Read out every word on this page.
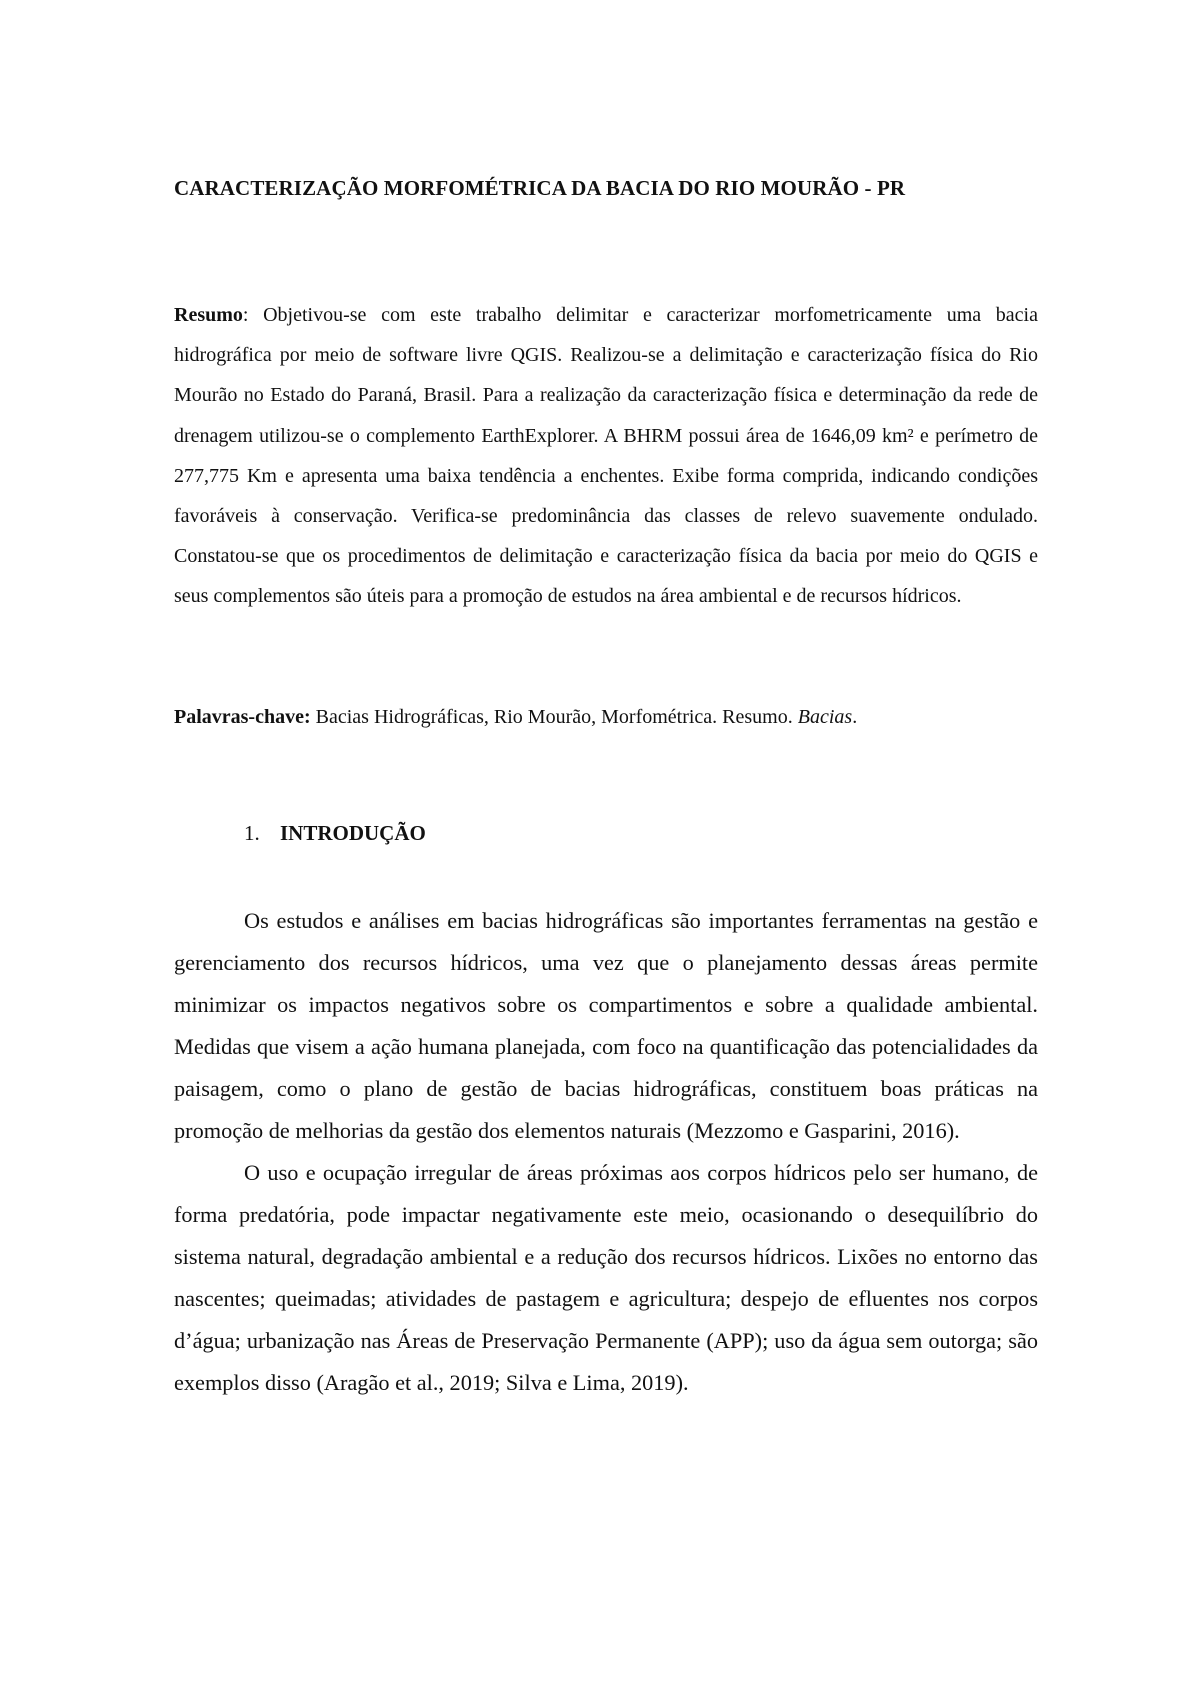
CARACTERIZAÇÃO MORFOMÉTRICA DA BACIA DO RIO MOURÃO - PR

Resumo: Objetivou-se com este trabalho delimitar e caracterizar morfometricamente uma bacia hidrográfica por meio de software livre QGIS. Realizou-se a delimitação e caracterização física do Rio Mourão no Estado do Paraná, Brasil. Para a realização da caracterização física e determinação da rede de drenagem utilizou-se o complemento EarthExplorer. A BHRM possui área de 1646,09 km² e perímetro de 277,775 Km e apresenta uma baixa tendência a enchentes. Exibe forma comprida, indicando condições favoráveis à conservação. Verifica-se predominância das classes de relevo suavemente ondulado. Constatou-se que os procedimentos de delimitação e caracterização física da bacia por meio do QGIS e seus complementos são úteis para a promoção de estudos na área ambiental e de recursos hídricos.

Palavras-chave: Bacias Hidrográficas, Rio Mourão, Morfométrica. Resumo. Bacias.
1. INTRODUÇÃO

Os estudos e análises em bacias hidrográficas são importantes ferramentas na gestão e gerenciamento dos recursos hídricos, uma vez que o planejamento dessas áreas permite minimizar os impactos negativos sobre os compartimentos e sobre a qualidade ambiental. Medidas que visem a ação humana planejada, com foco na quantificação das potencialidades da paisagem, como o plano de gestão de bacias hidrográficas, constituem boas práticas na promoção de melhorias da gestão dos elementos naturais (Mezzomo e Gasparini, 2016).

O uso e ocupação irregular de áreas próximas aos corpos hídricos pelo ser humano, de forma predatória, pode impactar negativamente este meio, ocasionando o desequilíbrio do sistema natural, degradação ambiental e a redução dos recursos hídricos. Lixões no entorno das nascentes; queimadas; atividades de pastagem e agricultura; despejo de efluentes nos corpos d’água; urbanização nas Áreas de Preservação Permanente (APP); uso da água sem outorga; são exemplos disso (Aragão et al., 2019; Silva e Lima, 2019).
